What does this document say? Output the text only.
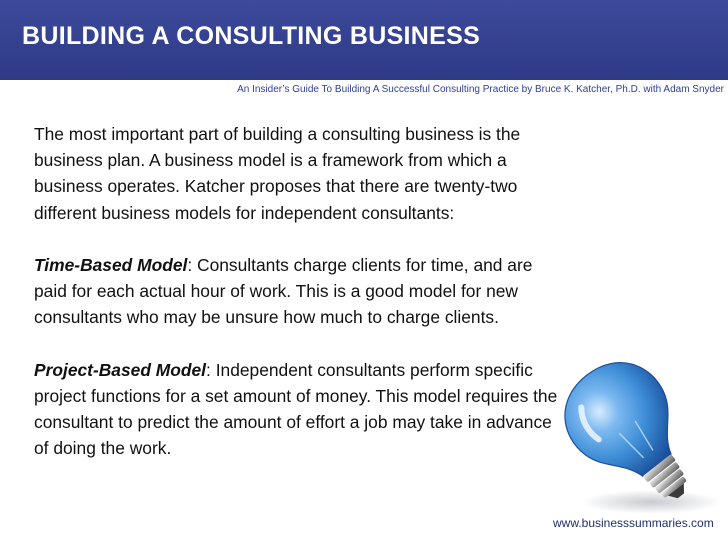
BUILDING A CONSULTING BUSINESS
An Insider’s Guide To Building A Successful Consulting Practice by Bruce K. Katcher, Ph.D. with Adam Snyder

The most important part of building a consulting business is the business plan. A business model is a framework from which a business operates. Katcher proposes that there are twenty-two different business models for independent consultants:

Time-Based Model: Consultants charge clients for time, and are paid for each actual hour of work. This is a good model for new consultants who may be unsure how much to charge clients.

Project-Based Model: Independent consultants perform specific project functions for a set amount of money. This model requires the consultant to predict the amount of effort a job may take in advance of doing the work.

www.businesssummaries.com
